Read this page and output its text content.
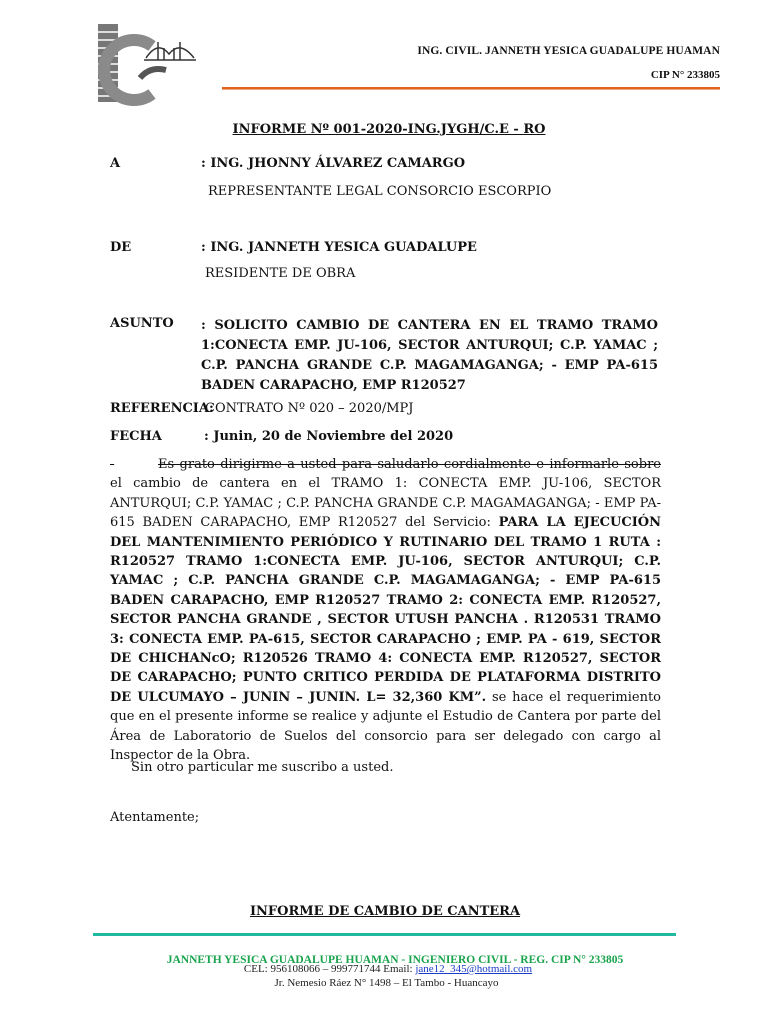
ING. CIVIL. JANNETH YESICA GUADALUPE HUAMAN
CIP N° 233805
INFORME Nº 001-2020-ING.JYGH/C.E - RO
A	: ING. JHONNY ÁLVAREZ CAMARGO
REPRESENTANTE LEGAL CONSORCIO ESCORPIO
DE	: ING. JANNETH YESICA GUADALUPE
RESIDENTE DE OBRA
ASUNTO : SOLICITO CAMBIO DE CANTERA EN EL TRAMO TRAMO 1:CONECTA EMP. JU-106, SECTOR ANTURQUI; C.P. YAMAC ; C.P. PANCHA GRANDE C.P. MAGAMAGANGA; - EMP PA-615 BADEN CARAPACHO, EMP R120527
REFERENCIA:
CONTRATO Nº 020 – 2020/MPJ
FECHA	: Junin, 20 de Noviembre del 2020
Es grato dirigirme a usted para saludarlo cordialmente e informarle sobre el cambio de cantera en el TRAMO 1: CONECTA EMP. JU-106, SECTOR ANTURQUI; C.P. YAMAC ; C.P. PANCHA GRANDE C.P. MAGAMAGANGA; - EMP PA-615 BADEN CARAPACHO, EMP R120527 del Servicio: PARA LA EJECUCIÓN DEL MANTENIMIENTO PERIÓDICO Y RUTINARIO DEL TRAMO 1 RUTA : R120527 TRAMO 1:CONECTA EMP. JU-106, SECTOR ANTURQUI; C.P. YAMAC ; C.P. PANCHA GRANDE C.P. MAGAMAGANGA; - EMP PA-615 BADEN CARAPACHO, EMP R120527 TRAMO 2: CONECTA EMP. R120527, SECTOR PANCHA GRANDE , SECTOR UTUSH PANCHA . R120531 TRAMO 3: CONECTA EMP. PA-615, SECTOR CARAPACHO ; EMP. PA - 619, SECTOR DE CHICHANcO; R120526 TRAMO 4: CONECTA EMP. R120527, SECTOR DE CARAPACHO; PUNTO CRITICO PERDIDA DE PLATAFORMA DISTRITO DE ULCUMAYO – JUNIN – JUNIN. L= 32,360 KM”. se hace el requerimiento que en el presente informe se realice y adjunte el Estudio de Cantera por parte del Área de Laboratorio de Suelos del consorcio para ser delegado con cargo al Inspector de la Obra.
Sin otro particular me suscribo a usted.
Atentamente;
INFORME DE CAMBIO DE CANTERA
JANNETH YESICA GUADALUPE HUAMAN - INGENIERO CIVIL - REG. CIP N° 233805
CEL: 956108066 – 999771744 Email: jane12_345@hotmail.com
Jr. Nemesio Ráez N° 1498 – El Tambo - Huancayo
